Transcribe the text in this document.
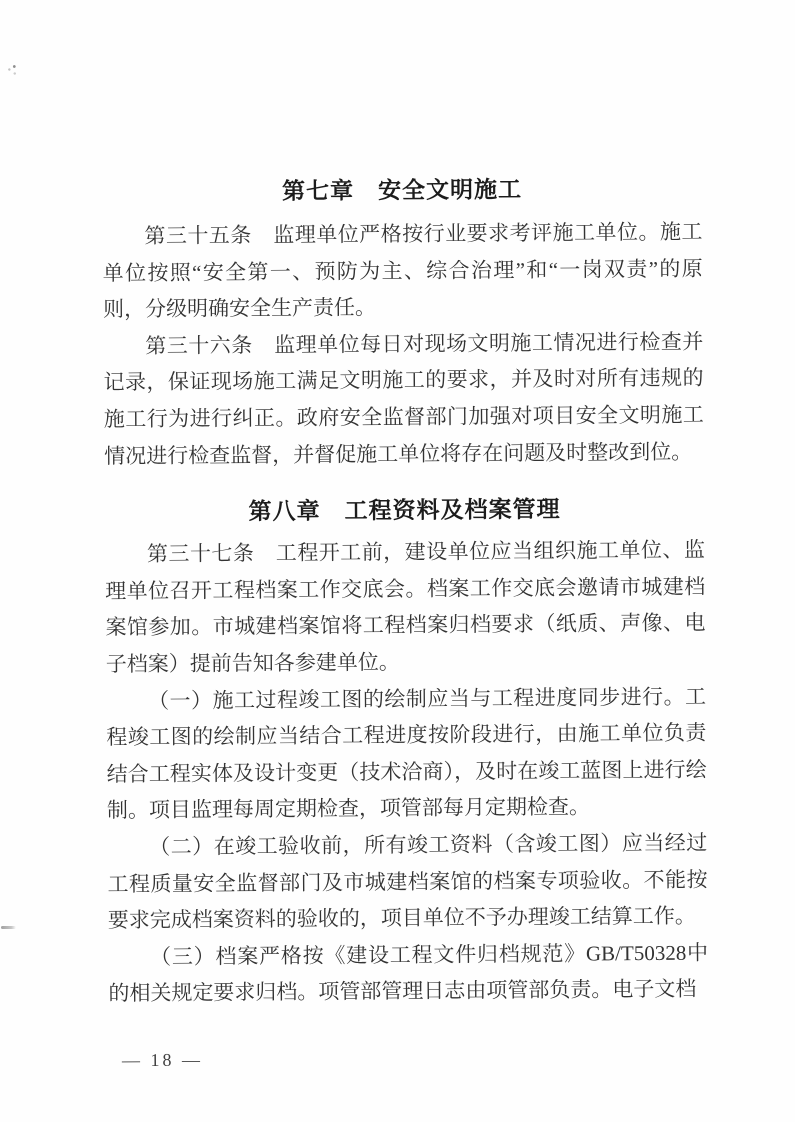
第七章　安全文明施工

第三十五条　监理单位严格按行业要求考评施工单位。施工单位按照“安全第一、预防为主、综合治理”和“一岗双责”的原则，分级明确安全生产责任。

第三十六条　监理单位每日对现场文明施工情况进行检查并记录，保证现场施工满足文明施工的要求，并及时对所有违规的施工行为进行纠正。政府安全监督部门加强对项目安全文明施工情况进行检查监督，并督促施工单位将存在问题及时整改到位。

第八章　工程资料及档案管理

第三十七条　工程开工前，建设单位应当组织施工单位、监理单位召开工程档案工作交底会。档案工作交底会邀请市城建档案馆参加。市城建档案馆将工程档案归档要求（纸质、声像、电子档案）提前告知各参建单位。

（一）施工过程竣工图的绘制应当与工程进度同步进行。工程竣工图的绘制应当结合工程进度按阶段进行，由施工单位负责结合工程实体及设计变更（技术洽商），及时在竣工蓝图上进行绘制。项目监理每周定期检查，项管部每月定期检查。

（二）在竣工验收前，所有竣工资料（含竣工图）应当经过工程质量安全监督部门及市城建档案馆的档案专项验收。不能按要求完成档案资料的验收的，项目单位不予办理竣工结算工作。

（三）档案严格按《建设工程文件归档规范》GB/T50328中的相关规定要求归档。项管部管理日志由项管部负责。电子文档

— 18 —
